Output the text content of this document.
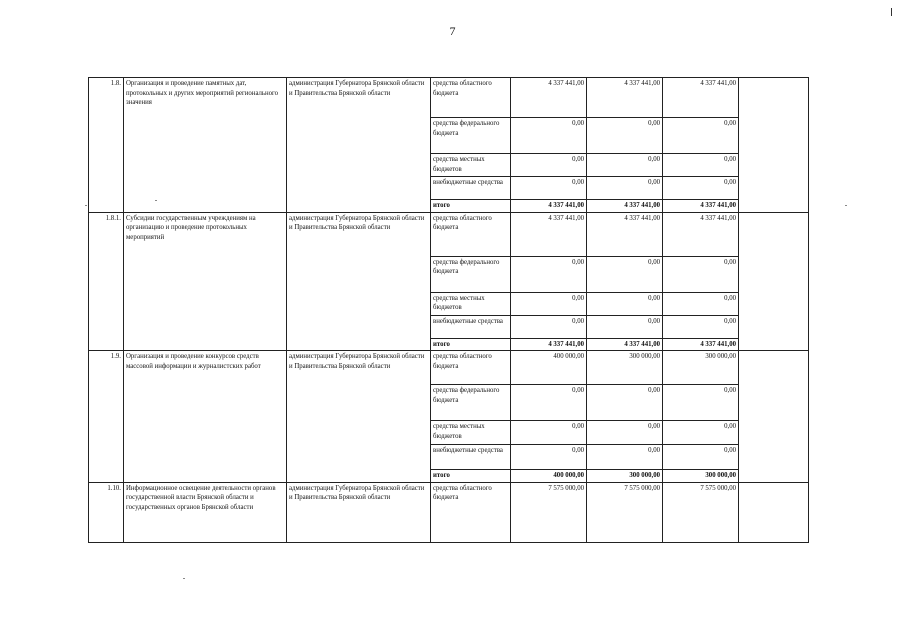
7
1.8.	Организация и проведение памятных дат, протокольных и других мероприятий регионального значения	администрация Губернатора Брянской области и Правительства Брянской области	средства областного бюджета	4 337 441,00	4 337 441,00	4 337 441,00	
			средства федерального бюджета	0,00	0,00	0,00	
			средства местных бюджетов	0,00	0,00	0,00	
			внебюджетные средства	0,00	0,00	0,00	
			итого	4 337 441,00	4 337 441,00	4 337 441,00	
1.8.1.	Субсидии государственным учреждениям на организацию и проведение протокольных мероприятий	администрация Губернатора Брянской области и Правительства Брянской области	средства областного бюджета	4 337 441,00	4 337 441,00	4 337 441,00	
			средства федерального бюджета	0,00	0,00	0,00	
			средства местных бюджетов	0,00	0,00	0,00	
			внебюджетные средства	0,00	0,00	0,00	
			итого	4 337 441,00	4 337 441,00	4 337 441,00	
1.9.	Организация и проведение конкурсов средств массовой информации и журналистских работ	администрация Губернатора Брянской области и Правительства Брянской области	средства областного бюджета	400 000,00	300 000,00	300 000,00	
			средства федерального бюджета	0,00	0,00	0,00	
			средства местных бюджетов	0,00	0,00	0,00	
			внебюджетные средства	0,00	0,00	0,00	
			итого	400 000,00	300 000,00	300 000,00	
1.10.	Информационное освещение деятельности органов государственной власти Брянской области и государственных органов Брянской области	администрация Губернатора Брянской области и Правительства Брянской области	средства областного бюджета	7 575 000,00	7 575 000,00	7 575 000,00	
